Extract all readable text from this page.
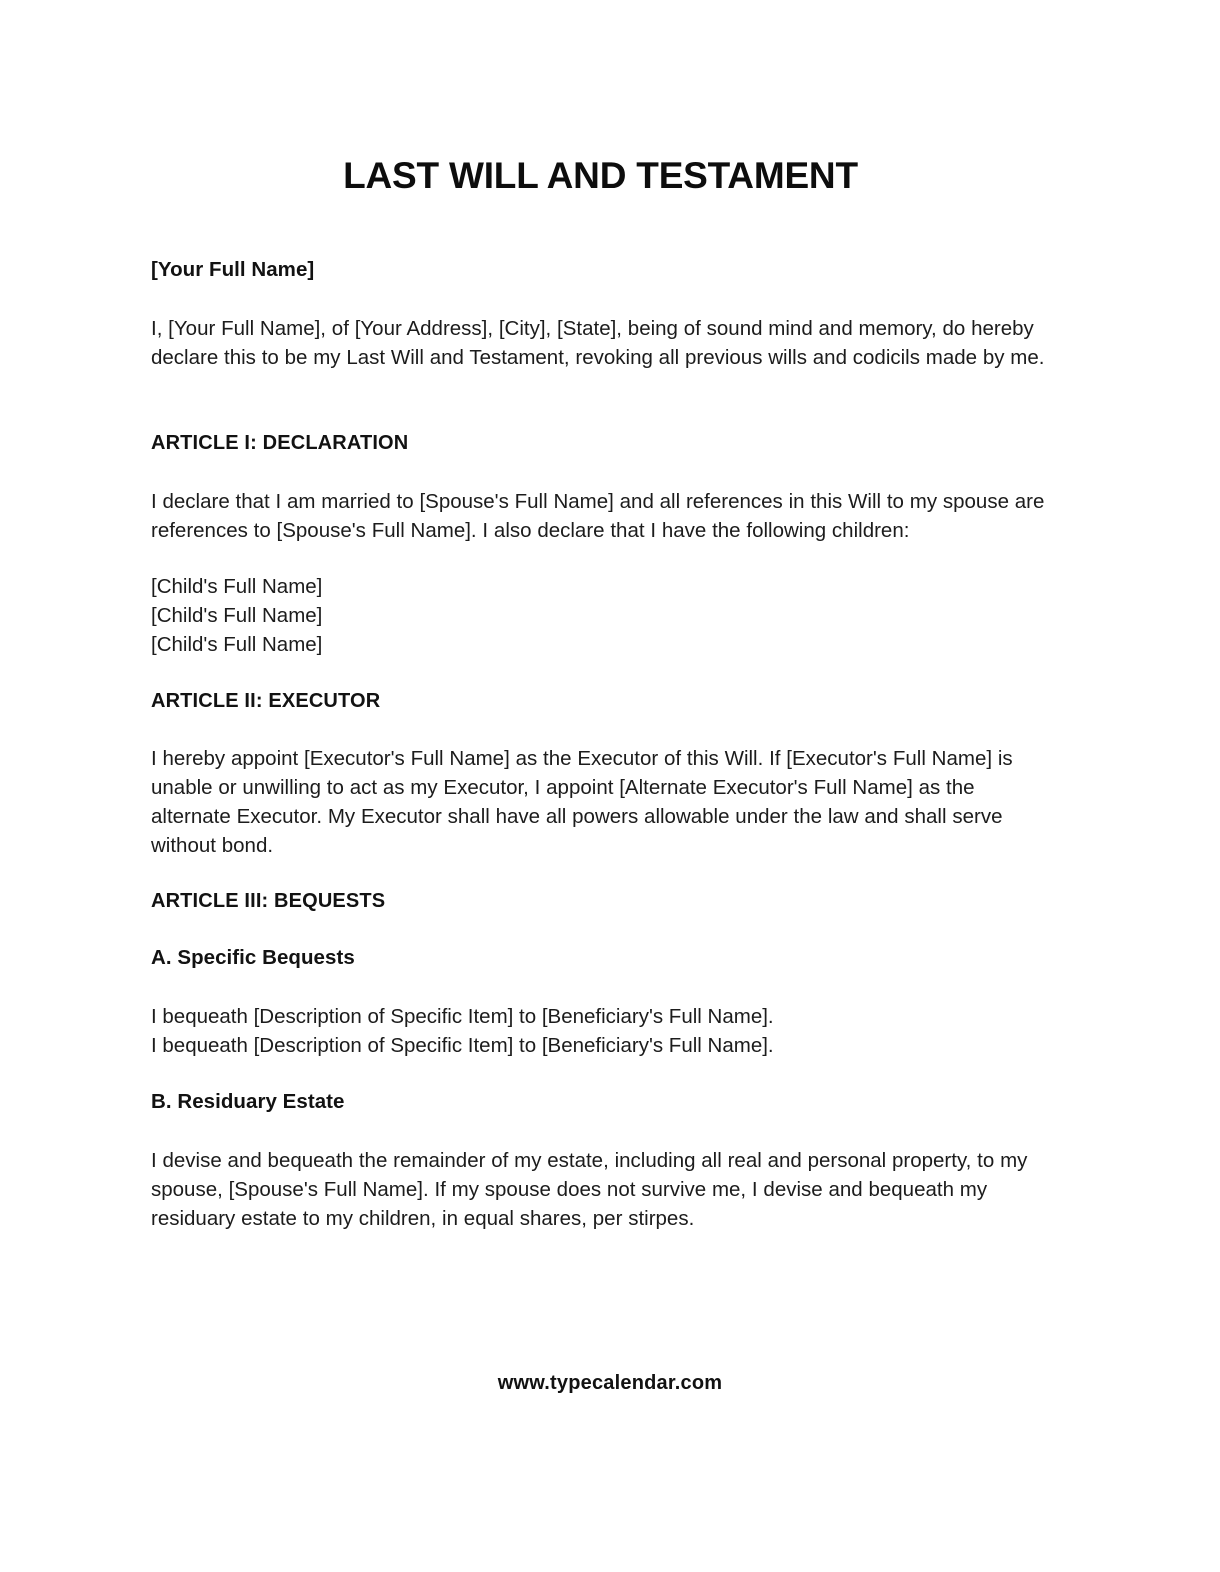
LAST WILL AND TESTAMENT

[Your Full Name]

I, [Your Full Name], of [Your Address], [City], [State], being of sound mind and memory, do hereby declare this to be my Last Will and Testament, revoking all previous wills and codicils made by me.

ARTICLE I: DECLARATION

I declare that I am married to [Spouse's Full Name] and all references in this Will to my spouse are references to [Spouse's Full Name]. I also declare that I have the following children:

[Child's Full Name]
[Child's Full Name]
[Child's Full Name]

ARTICLE II: EXECUTOR

I hereby appoint [Executor's Full Name] as the Executor of this Will. If [Executor's Full Name] is unable or unwilling to act as my Executor, I appoint [Alternate Executor's Full Name] as the alternate Executor. My Executor shall have all powers allowable under the law and shall serve without bond.

ARTICLE III: BEQUESTS

A. Specific Bequests

I bequeath [Description of Specific Item] to [Beneficiary's Full Name].
I bequeath [Description of Specific Item] to [Beneficiary's Full Name].

B. Residuary Estate

I devise and bequeath the remainder of my estate, including all real and personal property, to my spouse, [Spouse's Full Name]. If my spouse does not survive me, I devise and bequeath my residuary estate to my children, in equal shares, per stirpes.

www.typecalendar.com
